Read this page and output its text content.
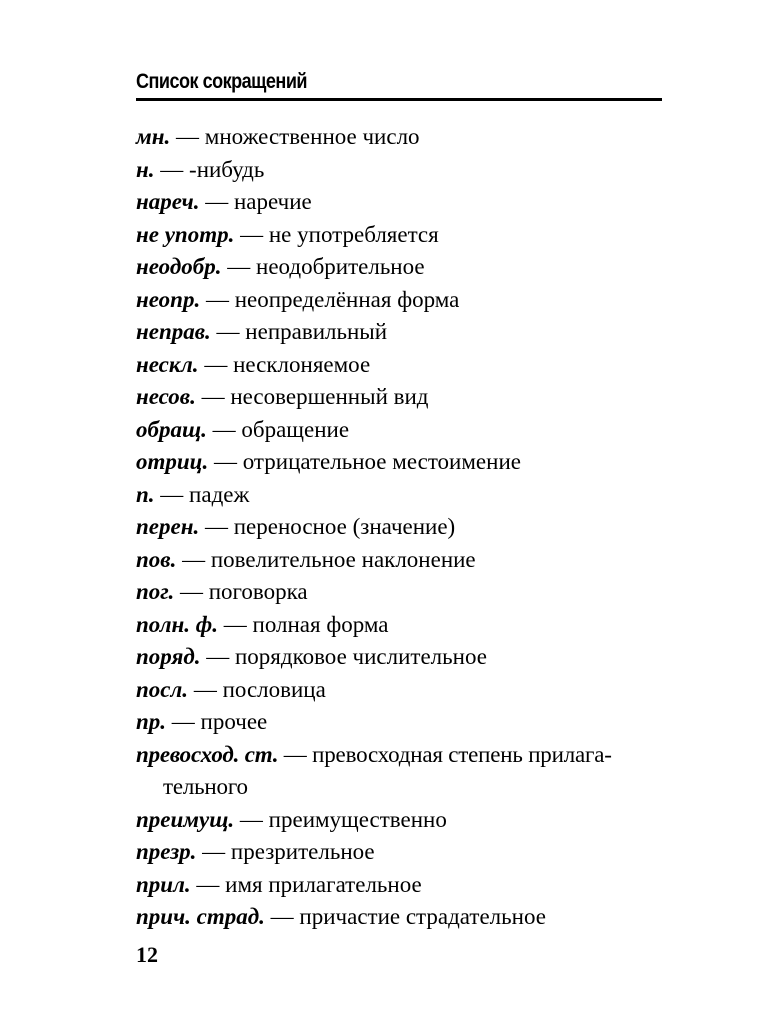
Список сокращений
мн. — множественное число
н. — -нибудь
нареч. — наречие
не употр. — не употребляется
неодобр. — неодобрительное
неопр. — неопределённая форма
неправ. — неправильный
нескл. — несклоняемое
несов. — несовершенный вид
обращ. — обращение
отриц. — отрицательное местоимение
п. — падеж
перен. — переносное (значение)
пов. — повелительное наклонение
пог. — поговорка
полн. ф. — полная форма
поряд. — порядковое числительное
посл. — пословица
пр. — прочее
превосход. ст. — превосходная степень прилагательного
преимущ. — преимущественно
презр. — презрительное
прил. — имя прилагательное
прич. страд. — причастие страдательное
12
